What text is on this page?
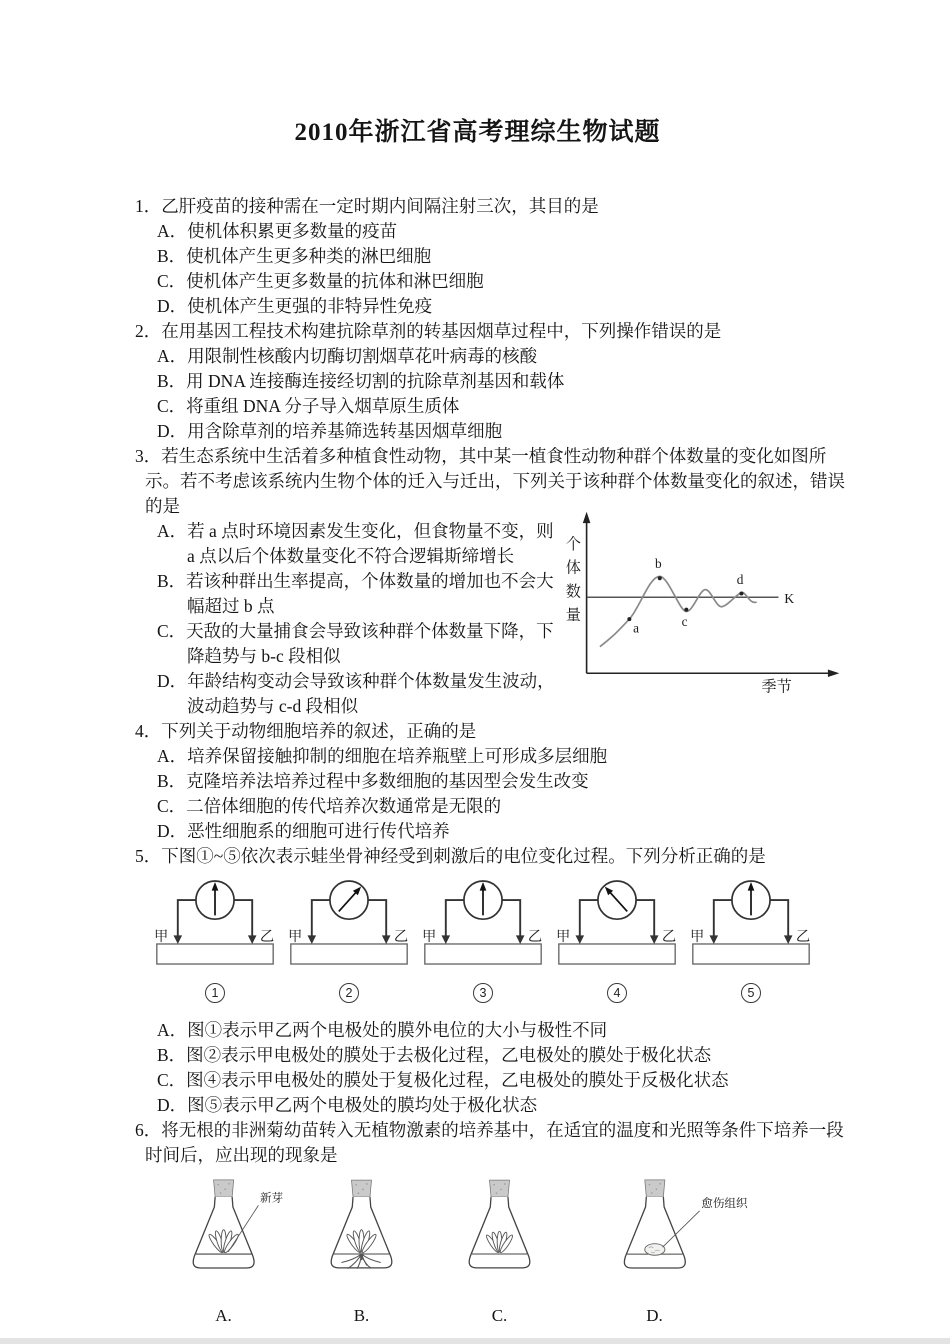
2010年浙江省高考理综生物试题

1．乙肝疫苗的接种需在一定时期内间隔注射三次，其目的是

A．使机体积累更多数量的疫苗

B．使机体产生更多种类的淋巴细胞

C．使机体产生更多数量的抗体和淋巴细胞

D．使机体产生更强的非特异性免疫

2．在用基因工程技术构建抗除草剂的转基因烟草过程中，下列操作错误的是

A．用限制性核酸内切酶切割烟草花叶病毒的核酸

B．用 DNA 连接酶连接经切割的抗除草剂基因和载体

C．将重组 DNA 分子导入烟草原生质体

D．用含除草剂的培养基筛选转基因烟草细胞

3．若生态系统中生活着多种植食性动物，其中某一植食性动物种群个体数量的变化如图所示。若不考虑该系统内生物个体的迁入与迁出，下列关于该种群个体数量变化的叙述，错误的是

A．若 a 点时环境因素发生变化，但食物量不变，则 a 点以后个体数量变化不符合逻辑斯缔增长

B．若该种群出生率提高，个体数量的增加也不会大幅超过 b 点

C．天敌的大量捕食会导致该种群个体数量下降，下降趋势与 b-c 段相似

D．年龄结构变动会导致该种群个体数量发生波动，波动趋势与 c-d 段相似

个
体
数
量
K
a
b
c
d
季节

4．下列关于动物细胞培养的叙述，正确的是

A．培养保留接触抑制的细胞在培养瓶壁上可形成多层细胞

B．克隆培养法培养过程中多数细胞的基因型会发生改变

C．二倍体细胞的传代培养次数通常是无限的

D．恶性细胞系的细胞可进行传代培养

5．下图①~⑤依次表示蛙坐骨神经受到刺激后的电位变化过程。下列分析正确的是

甲	乙
1
甲	乙
2
甲	乙
3
甲	乙
4
甲	乙
5

A．图①表示甲乙两个电极处的膜外电位的大小与极性不同

B．图②表示甲电极处的膜处于去极化过程，乙电极处的膜处于极化状态

C．图④表示甲电极处的膜处于复极化过程，乙电极处的膜处于反极化状态

D．图⑤表示甲乙两个电极处的膜均处于极化状态

6．将无根的非洲菊幼苗转入无植物激素的培养基中，在适宜的温度和光照等条件下培养一段时间后，应出现的现象是

新芽
A.	B.	C.
愈伤组织
D.
